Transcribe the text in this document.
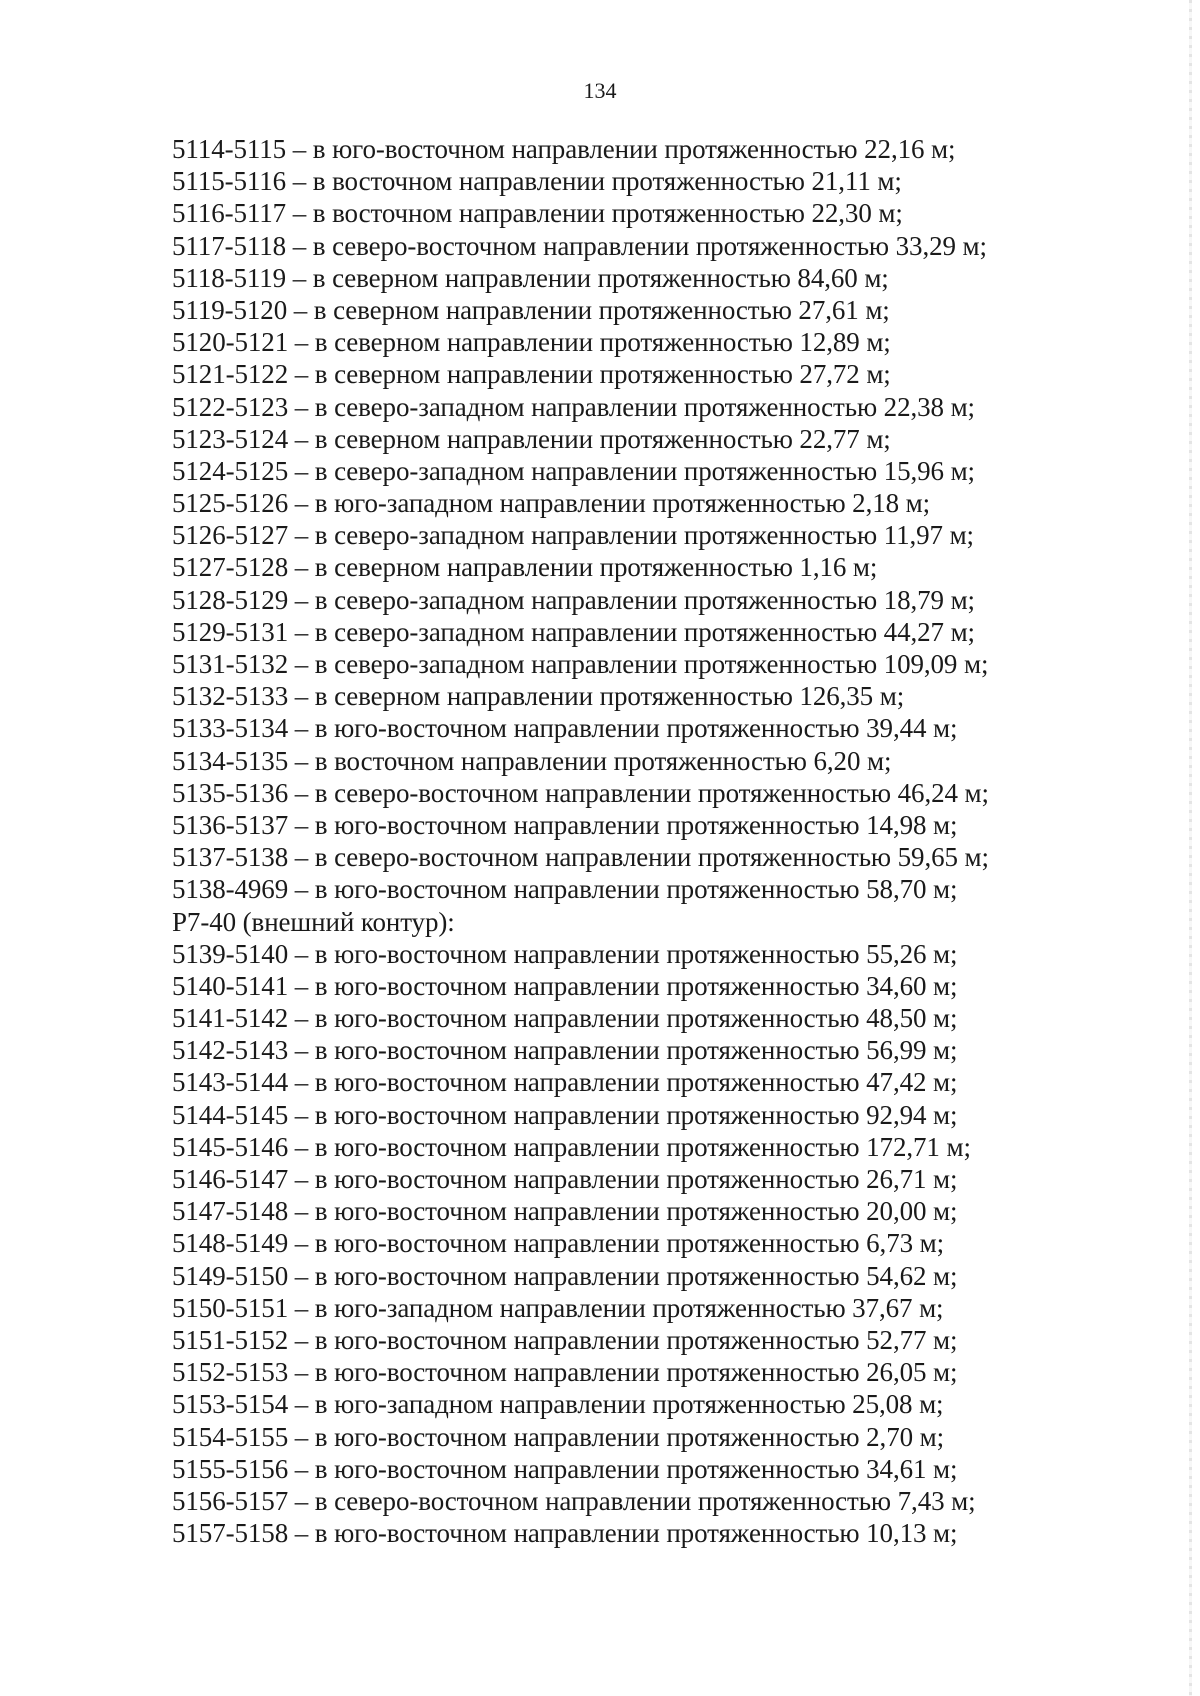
134
5114-5115 – в юго-восточном направлении протяженностью 22,16 м;
5115-5116 – в восточном направлении протяженностью 21,11 м;
5116-5117 – в восточном направлении протяженностью 22,30 м;
5117-5118 – в северо-восточном направлении протяженностью 33,29 м;
5118-5119 – в северном направлении протяженностью 84,60 м;
5119-5120 – в северном направлении протяженностью 27,61 м;
5120-5121 – в северном направлении протяженностью 12,89 м;
5121-5122 – в северном направлении протяженностью 27,72 м;
5122-5123 – в северо-западном направлении протяженностью 22,38 м;
5123-5124 – в северном направлении протяженностью 22,77 м;
5124-5125 – в северо-западном направлении протяженностью 15,96 м;
5125-5126 – в юго-западном направлении протяженностью 2,18 м;
5126-5127 – в северо-западном направлении протяженностью 11,97 м;
5127-5128 – в северном направлении протяженностью 1,16 м;
5128-5129 – в северо-западном направлении протяженностью 18,79 м;
5129-5131 – в северо-западном направлении протяженностью 44,27 м;
5131-5132 – в северо-западном направлении протяженностью 109,09 м;
5132-5133 – в северном направлении протяженностью 126,35 м;
5133-5134 – в юго-восточном направлении протяженностью 39,44 м;
5134-5135 – в восточном направлении протяженностью 6,20 м;
5135-5136 – в северо-восточном направлении протяженностью 46,24 м;
5136-5137 – в юго-восточном направлении протяженностью 14,98 м;
5137-5138 – в северо-восточном направлении протяженностью 59,65 м;
5138-4969 – в юго-восточном направлении протяженностью 58,70 м;
Р7-40 (внешний контур):
5139-5140 – в юго-восточном направлении протяженностью 55,26 м;
5140-5141 – в юго-восточном направлении протяженностью 34,60 м;
5141-5142 – в юго-восточном направлении протяженностью 48,50 м;
5142-5143 – в юго-восточном направлении протяженностью 56,99 м;
5143-5144 – в юго-восточном направлении протяженностью 47,42 м;
5144-5145 – в юго-восточном направлении протяженностью 92,94 м;
5145-5146 – в юго-восточном направлении протяженностью 172,71 м;
5146-5147 – в юго-восточном направлении протяженностью 26,71 м;
5147-5148 – в юго-восточном направлении протяженностью 20,00 м;
5148-5149 – в юго-восточном направлении протяженностью 6,73 м;
5149-5150 – в юго-восточном направлении протяженностью 54,62 м;
5150-5151 – в юго-западном направлении протяженностью 37,67 м;
5151-5152 – в юго-восточном направлении протяженностью 52,77 м;
5152-5153 – в юго-восточном направлении протяженностью 26,05 м;
5153-5154 – в юго-западном направлении протяженностью 25,08 м;
5154-5155 – в юго-восточном направлении протяженностью 2,70 м;
5155-5156 – в юго-восточном направлении протяженностью 34,61 м;
5156-5157 – в северо-восточном направлении протяженностью 7,43 м;
5157-5158 – в юго-восточном направлении протяженностью 10,13 м;
